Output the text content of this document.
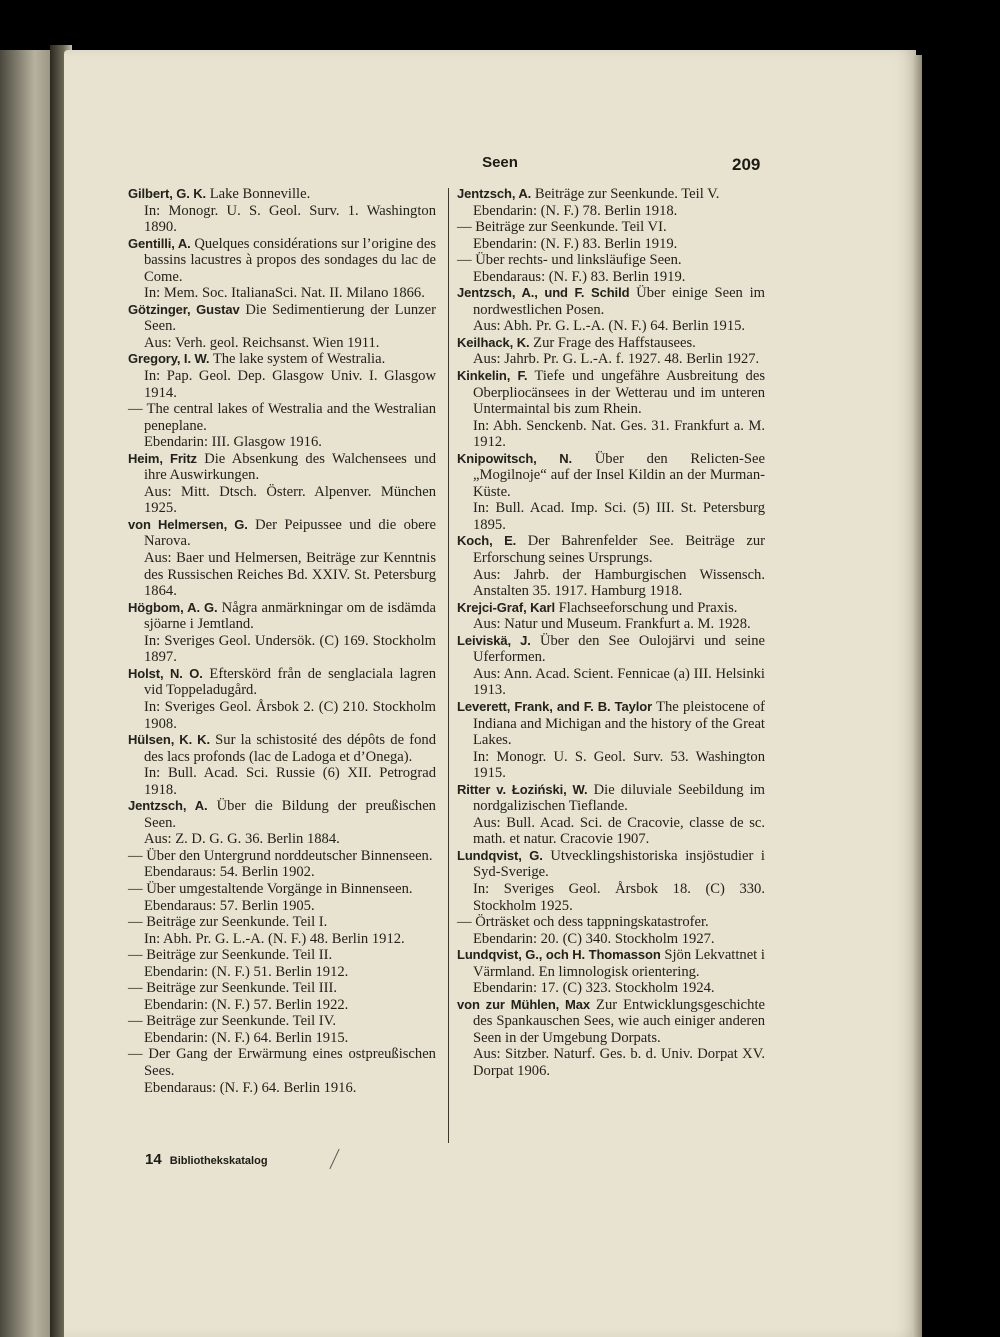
Seen	209

Gilbert, G. K. Lake Bonneville.
In: Monogr. U. S. Geol. Surv. 1. Washington 1890.

Gentilli, A. Quelques considérations sur l’origine des bassins lacustres à propos des sondages du lac de Come.
In: Mem. Soc. ItalianaSci. Nat. II. Milano 1866.

Götzinger, Gustav Die Sedimentierung der Lunzer Seen.
Aus: Verh. geol. Reichsanst. Wien 1911.

Gregory, I. W. The lake system of Westralia.
In: Pap. Geol. Dep. Glasgow Univ. I. Glasgow 1914.

— The central lakes of Westralia and the Westralian peneplane.
Ebendarin: III. Glasgow 1916.

Heim, Fritz Die Absenkung des Walchensees und ihre Auswirkungen.
Aus: Mitt. Dtsch. Österr. Alpenver. München 1925.

von Helmersen, G. Der Peipussee und die obere Narova.
Aus: Baer und Helmersen, Beiträge zur Kenntnis des Russischen Reiches Bd. XXIV. St. Petersburg 1864.

Högbom, A. G. Några anmärkningar om de isdämda sjöarne i Jemtland.
In: Sveriges Geol. Undersök. (C) 169. Stockholm 1897.

Holst, N. O. Efterskörd från de senglaciala lagren vid Toppeladugård.
In: Sveriges Geol. Årsbok 2. (C) 210. Stockholm 1908.

Hülsen, K. K. Sur la schistosité des dépôts de fond des lacs profonds (lac de Ladoga et d’Onega).
In: Bull. Acad. Sci. Russie (6) XII. Petrograd 1918.

Jentzsch, A. Über die Bildung der preußischen Seen.
Aus: Z. D. G. G. 36. Berlin 1884.

— Über den Untergrund norddeutscher Binnenseen.
Ebendaraus: 54. Berlin 1902.

— Über umgestaltende Vorgänge in Binnenseen.
Ebendaraus: 57. Berlin 1905.

— Beiträge zur Seenkunde. Teil I.
In: Abh. Pr. G. L.-A. (N. F.) 48. Berlin 1912.

— Beiträge zur Seenkunde. Teil II.
Ebendarin: (N. F.) 51. Berlin 1912.

— Beiträge zur Seenkunde. Teil III.
Ebendarin: (N. F.) 57. Berlin 1922.

— Beiträge zur Seenkunde. Teil IV.
Ebendarin: (N. F.) 64. Berlin 1915.

— Der Gang der Erwärmung eines ostpreußischen Sees.
Ebendaraus: (N. F.) 64. Berlin 1916.

Jentzsch, A. Beiträge zur Seenkunde. Teil V.
Ebendarin: (N. F.) 78. Berlin 1918.

— Beiträge zur Seenkunde. Teil VI.
Ebendarin: (N. F.) 83. Berlin 1919.

— Über rechts- und linksläufige Seen.
Ebendaraus: (N. F.) 83. Berlin 1919.

Jentzsch, A., und F. Schild Über einige Seen im nordwestlichen Posen.
Aus: Abh. Pr. G. L.-A. (N. F.) 64. Berlin 1915.

Keilhack, K. Zur Frage des Haffstausees.
Aus: Jahrb. Pr. G. L.-A. f. 1927. 48. Berlin 1927.

Kinkelin, F. Tiefe und ungefähre Ausbreitung des Oberpliocänsees in der Wetterau und im unteren Untermaintal bis zum Rhein.
In: Abh. Senckenb. Nat. Ges. 31. Frankfurt a. M. 1912.

Knipowitsch, N. Über den Relicten-See „Mogilnoje“ auf der Insel Kildin an der Murman-Küste.
In: Bull. Acad. Imp. Sci. (5) III. St. Petersburg 1895.

Koch, E. Der Bahrenfelder See. Beiträge zur Erforschung seines Ursprungs.
Aus: Jahrb. der Hamburgischen Wissensch. Anstalten 35. 1917. Hamburg 1918.

Krejci-Graf, Karl Flachseeforschung und Praxis.
Aus: Natur und Museum. Frankfurt a. M. 1928.

Leiviskä, J. Über den See Oulojärvi und seine Uferformen.
Aus: Ann. Acad. Scient. Fennicae (a) III. Helsinki 1913.

Leverett, Frank, and F. B. Taylor The pleistocene of Indiana and Michigan and the history of the Great Lakes.
In: Monogr. U. S. Geol. Surv. 53. Washington 1915.

Ritter v. Łoziński, W. Die diluviale Seebildung im nordgalizischen Tieflande.
Aus: Bull. Acad. Sci. de Cracovie, classe de sc. math. et natur. Cracovie 1907.

Lundqvist, G. Utvecklingshistoriska insjöstudier i Syd-Sverige.
In: Sveriges Geol. Årsbok 18. (C) 330. Stockholm 1925.

— Örträsket och dess tappningskatastrofer.
Ebendarin: 20. (C) 340. Stockholm 1927.

Lundqvist, G., och H. Thomasson Sjön Lekvattnet i Värmland. En limnologisk orientering.
Ebendarin: 17. (C) 323. Stockholm 1924.

von zur Mühlen, Max Zur Entwicklungsgeschichte des Spankauschen Sees, wie auch einiger anderen Seen in der Umgebung Dorpats.
Aus: Sitzber. Naturf. Ges. b. d. Univ. Dorpat XV. Dorpat 1906.

14 Bibliothekskatalog
